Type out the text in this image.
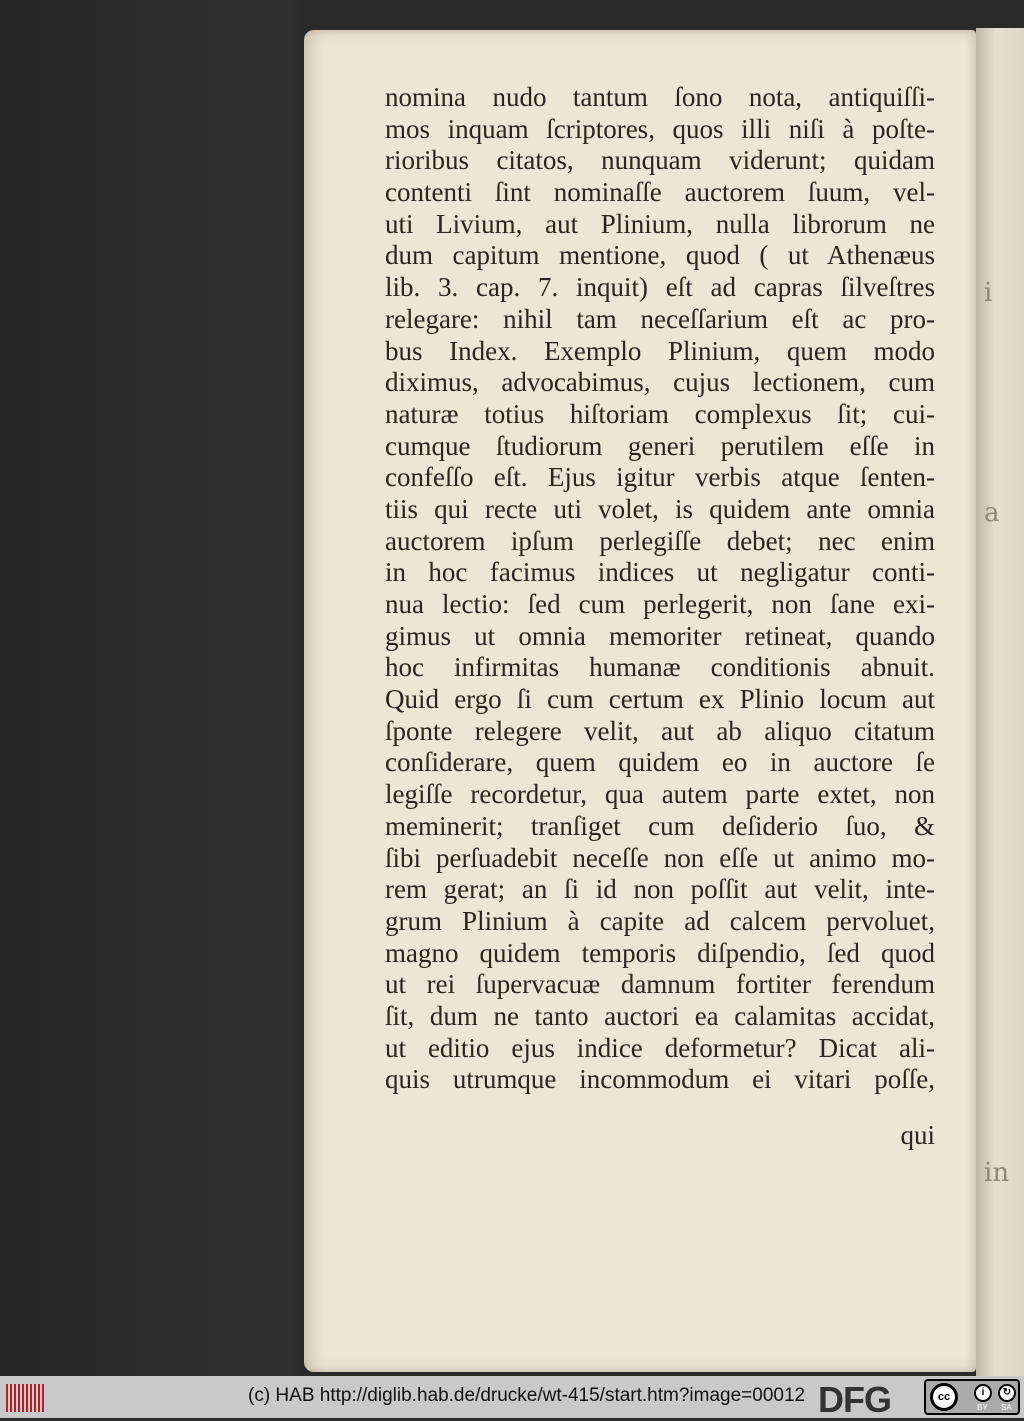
i
a
in
nomina nudo tantum ſono nota, antiquiſſi-
mos inquam ſcriptores, quos illi niſi à poſte-
rioribus citatos, nunquam viderunt; quidam
contenti ſint nominaſſe auctorem ſuum, vel-
uti Livium, aut Plinium, nulla librorum ne
dum capitum mentione, quod ( ut Athenæus
lib. 3. cap. 7. inquit) eſt ad capras ſilveſtres
relegare: nihil tam neceſſarium eſt ac pro-
bus Index. Exemplo Plinium, quem modo
diximus, advocabimus, cujus lectionem, cum
naturæ totius hiſtoriam complexus ſit; cui-
cumque ſtudiorum generi perutilem eſſe in
confeſſo eſt. Ejus igitur verbis atque ſenten-
tiis qui recte uti volet, is quidem ante omnia
auctorem ipſum perlegiſſe debet; nec enim
in hoc facimus indices ut negligatur conti-
nua lectio: ſed cum perlegerit, non ſane exi-
gimus ut omnia memoriter retineat, quando
hoc infirmitas humanæ conditionis abnuit.
Quid ergo ſi cum certum ex Plinio locum aut
ſponte relegere velit, aut ab aliquo citatum
conſiderare, quem quidem eo in auctore ſe
legiſſe recordetur, qua autem parte extet, non
meminerit; tranſiget cum deſiderio ſuo, &
ſibi perſuadebit neceſſe non eſſe ut animo mo-
rem gerat; an ſi id non poſſit aut velit, inte-
grum Plinium à capite ad calcem pervoluet,
magno quidem temporis diſpendio, ſed quod
ut rei ſupervacuæ damnum fortiter ferendum
ſit, dum ne tanto auctori ea calamitas accidat,
ut editio ejus indice deformetur? Dicat ali-
quis utrumque incommodum ei vitari poſſe,
qui
(c) HAB http://diglib.hab.de/drucke/wt-415/start.htm?image=00012 DFG	cc	i	↻
BY SA
